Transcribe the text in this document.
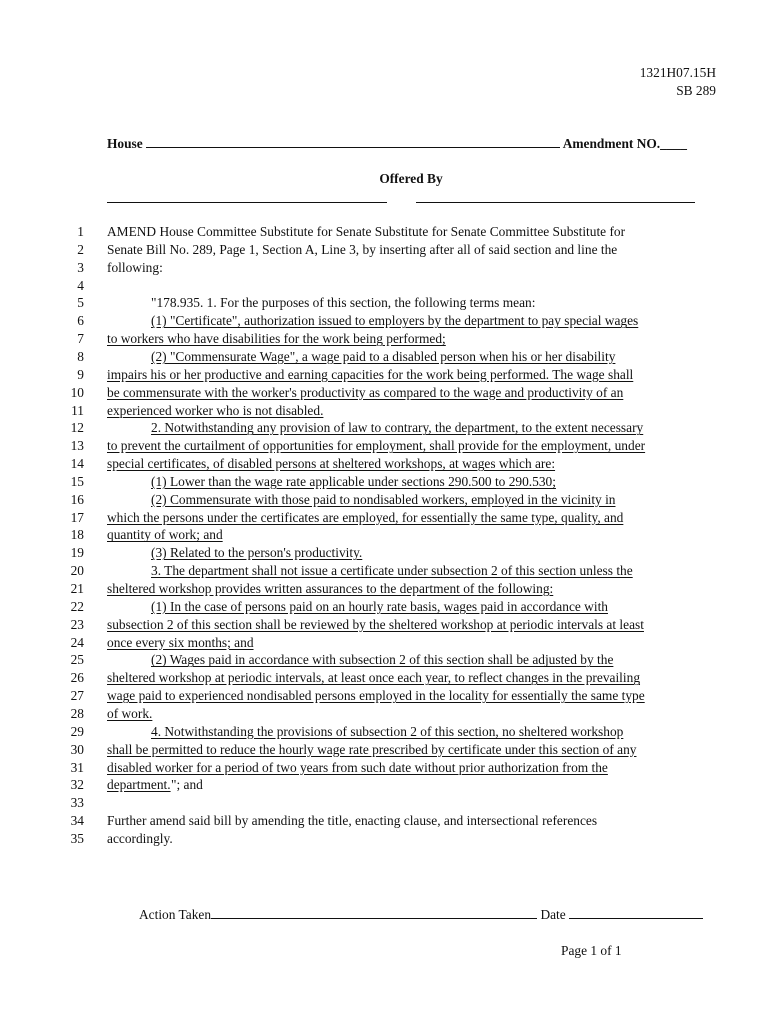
1321H07.15H
SB 289
House	Amendment NO.____
Offered By
1 AMEND House Committee Substitute for Senate Substitute for Senate Committee Substitute for
2 Senate Bill No. 289, Page 1, Section A, Line 3, by inserting after all of said section and line the
3 following:
4
5	"178.935. 1. For the purposes of this section, the following terms mean:
6	(1) "Certificate", authorization issued to employers by the department to pay special wages
7 to workers who have disabilities for the work being performed;
8	(2) "Commensurate Wage", a wage paid to a disabled person when his or her disability
9 impairs his or her productive and earning capacities for the work being performed. The wage shall
10 be commensurate with the worker's productivity as compared to the wage and productivity of an
11 experienced worker who is not disabled.
12	2. Notwithstanding any provision of law to contrary, the department, to the extent necessary
13 to prevent the curtailment of opportunities for employment, shall provide for the employment, under
14 special certificates, of disabled persons at sheltered workshops, at wages which are:
15	(1) Lower than the wage rate applicable under sections 290.500 to 290.530;
16	(2) Commensurate with those paid to nondisabled workers, employed in the vicinity in
17 which the persons under the certificates are employed, for essentially the same type, quality, and
18 quantity of work; and
19	(3) Related to the person's productivity.
20	3. The department shall not issue a certificate under subsection 2 of this section unless the
21 sheltered workshop provides written assurances to the department of the following:
22	(1) In the case of persons paid on an hourly rate basis, wages paid in accordance with
23 subsection 2 of this section shall be reviewed by the sheltered workshop at periodic intervals at least
24 once every six months; and
25	(2) Wages paid in accordance with subsection 2 of this section shall be adjusted by the
26 sheltered workshop at periodic intervals, at least once each year, to reflect changes in the prevailing
27 wage paid to experienced nondisabled persons employed in the locality for essentially the same type
28 of work.
29	4. Notwithstanding the provisions of subsection 2 of this section, no sheltered workshop
30 shall be permitted to reduce the hourly wage rate prescribed by certificate under this section of any
31 disabled worker for a period of two years from such date without prior authorization from the
32 department. "; and
33
34 Further amend said bill by amending the title, enacting clause, and intersectional references
35 accordingly.
Action Taken	Date
Page 1 of 1
